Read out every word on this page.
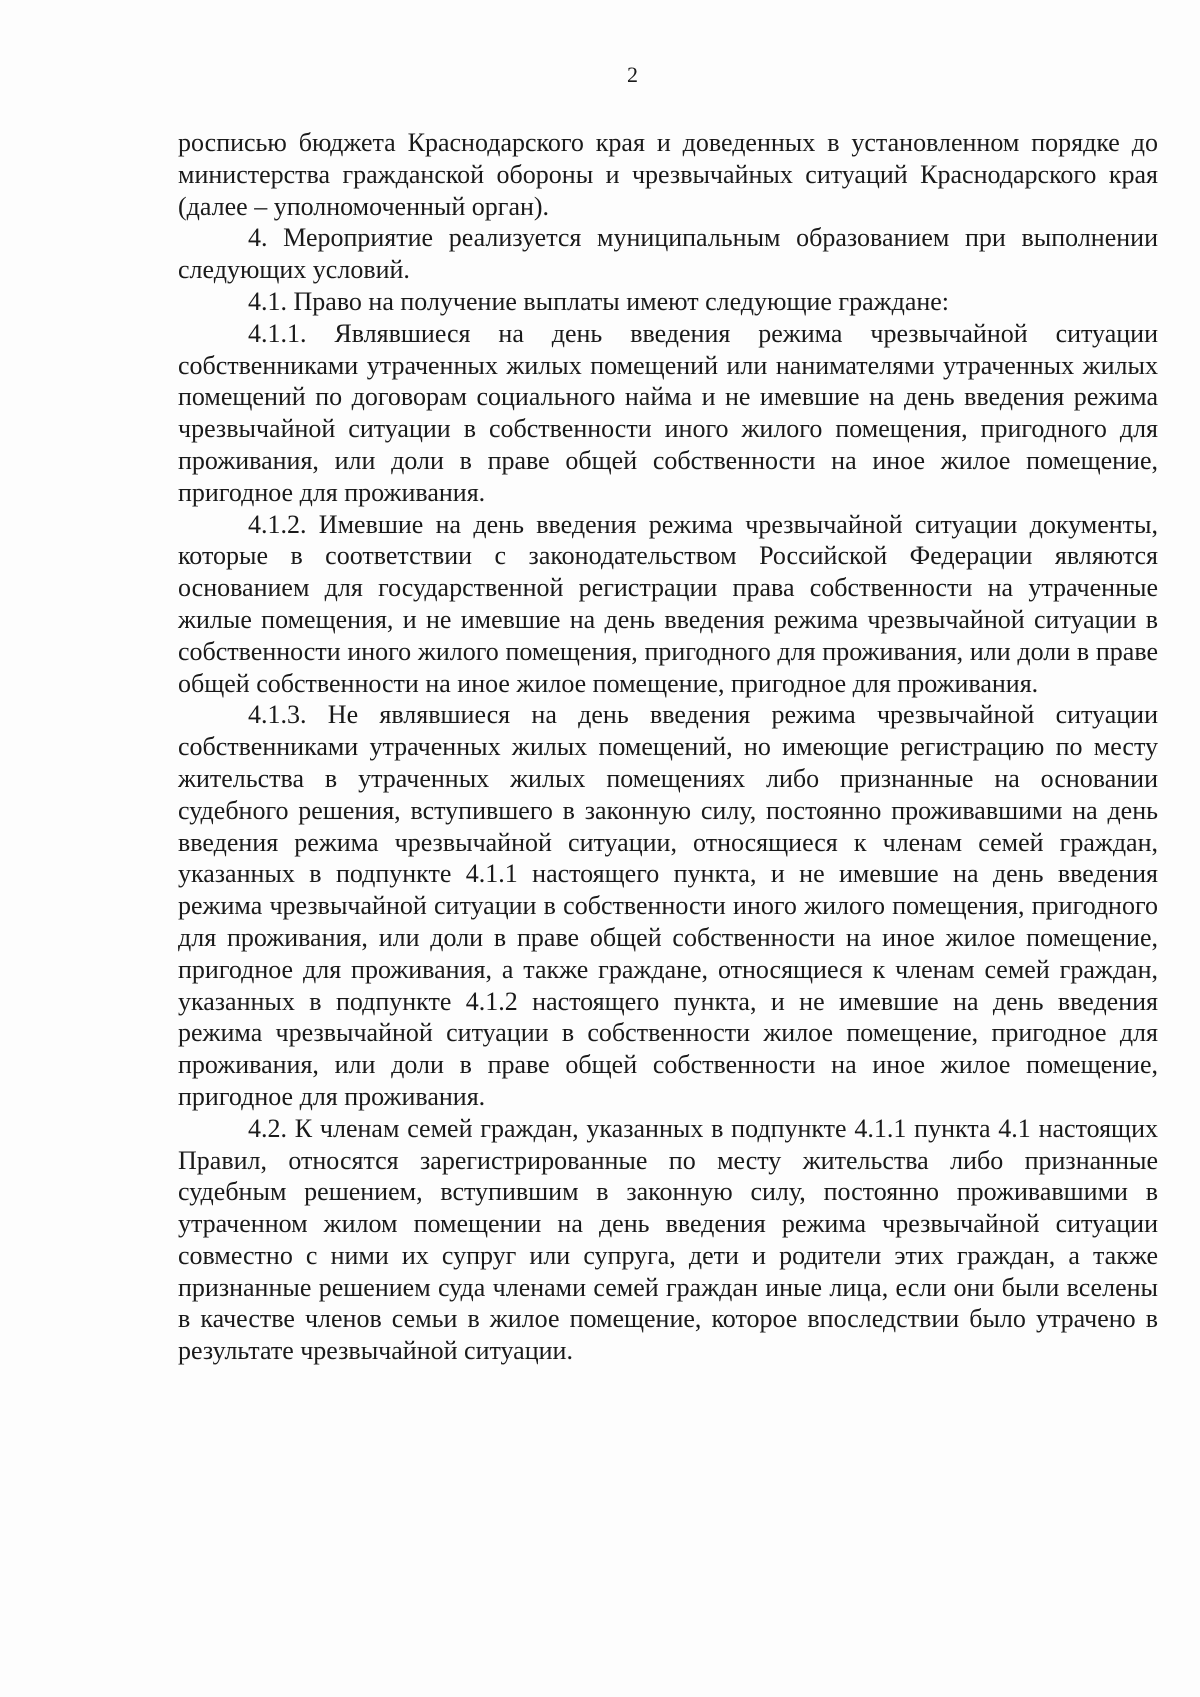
2

росписью бюджета Краснодарского края и доведенных в установленном порядке до министерства гражданской обороны и чрезвычайных ситуаций Краснодарского края (далее – уполномоченный орган).

4. Мероприятие реализуется муниципальным образованием при выполнении следующих условий.

4.1. Право на получение выплаты имеют следующие граждане:

4.1.1. Являвшиеся на день введения режима чрезвычайной ситуации собственниками утраченных жилых помещений или нанимателями утраченных жилых помещений по договорам социального найма и не имевшие на день введения режима чрезвычайной ситуации в собственности иного жилого помещения, пригодного для проживания, или доли в праве общей собственности на иное жилое помещение, пригодное для проживания.

4.1.2. Имевшие на день введения режима чрезвычайной ситуации документы, которые в соответствии с законодательством Российской Федерации являются основанием для государственной регистрации права собственности на утраченные жилые помещения, и не имевшие на день введения режима чрезвычайной ситуации в собственности иного жилого помещения, пригодного для проживания, или доли в праве общей собственности на иное жилое помещение, пригодное для проживания.

4.1.3. Не являвшиеся на день введения режима чрезвычайной ситуации собственниками утраченных жилых помещений, но имеющие регистрацию по месту жительства в утраченных жилых помещениях либо признанные на основании судебного решения, вступившего в законную силу, постоянно проживавшими на день введения режима чрезвычайной ситуации, относящиеся к членам семей граждан, указанных в подпункте 4.1.1 настоящего пункта, и не имевшие на день введения режима чрезвычайной ситуации в собственности иного жилого помещения, пригодного для проживания, или доли в праве общей собственности на иное жилое помещение, пригодное для проживания, а также граждане, относящиеся к членам семей граждан, указанных в подпункте 4.1.2 настоящего пункта, и не имевшие на день введения режима чрезвычайной ситуации в собственности жилое помещение, пригодное для проживания, или доли в праве общей собственности на иное жилое помещение, пригодное для проживания.

4.2. К членам семей граждан, указанных в подпункте 4.1.1 пункта 4.1 настоящих Правил, относятся зарегистрированные по месту жительства либо признанные судебным решением, вступившим в законную силу, постоянно проживавшими в утраченном жилом помещении на день введения режима чрезвычайной ситуации совместно с ними их супруг или супруга, дети и родители этих граждан, а также признанные решением суда членами семей граждан иные лица, если они были вселены в качестве членов семьи в жилое помещение, которое впоследствии было утрачено в результате чрезвычайной ситуации.
